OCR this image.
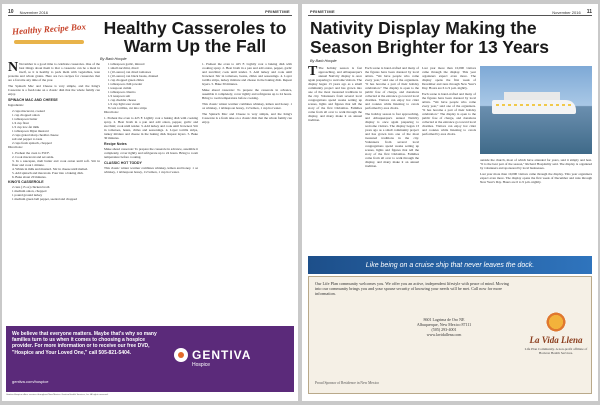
10 November 2016	PRIMETIME
Healthy Recipe Box Healthy Casseroles to Warm Up the Fall
By Barb Hoople

N November is a good time to celebrate casseroles. One of the best things about them is that a casserole can be a meal in itself, so it is healthy to pack them with vegetables, lean proteins and whole grains. Here are two recipes for casseroles that are a favorite any time of the year.

The Spinach Mac and Cheese is very simple, and the King's Casserole is a fresh take on a classic dish that the whole family can enjoy.

SPINACH MAC AND CHEESE

Ingredients:

2 cups macaroni, cooked
1 cup chopped onion
1 tablespoon butter
1/4 cup flour
1/2 cup low-fat milk
1 tablespoon Dijon mustard
2 cups grated sharp cheddar cheese
salt and pepper to taste
2 cups fresh spinach, chopped

Directions:

1. Preheat the oven to 350 F.
2. Cook macaroni and set aside.
3. In a saucepan, melt butter and cook onion until soft. Stir in flour and cook 1 minute.
4. Whisk in milk and mustard. Stir in cheese until melted.
5. Add spinach and macaroni. Pour into a baking dish.
6. Bake about 20 minutes.
KING'S CASSEROLE
2 cans (15 oz) chicken broth
1 medium onion, chopped
1 pound ground turkey
1 medium green bell pepper, seeded and chopped
1 tablespoon garlic, minced
1 small zucchini, diced
1 (10-ounce) can diced tomatoes
1 (10-ounce) can black beans, drained
1 cup chopped green chiles
1 tablespoon chili powder
1 teaspoon cumin
1 tablespoon cilantro
1/2 teaspoon salt
1 cup cheddar cheese
1/2 cup light sour cream
8 corn tortillas, cut into strips

Directions:

1. Preheat the oven to 425 F. Lightly coat a baking dish with cooking spray. 2. Heat broth in a pan and add onion, pepper, garlic and zucchini; cook until tender. 3. Add turkey and cook until browned. Stir in tomatoes, beans, chiles and seasonings. 4. Layer tortilla strips, turkey mixture and cheese in the baking dish. Repeat layers. 5. Bake 30 minutes.

Recipe Notes

Make ahead casserole: To prepare the casserole in advance, assemble it completely, cover tightly and refrigerate up to 24 hours. Bring to room temperature before cooking.

CLASSIC HOT TODDY

This classic winter warmer combines whiskey, lemon and honey. 1 oz whiskey, 1 tablespoon honey, 1/2 lemon, 1 cup hot water.

1. Preheat the oven to 425 F. Lightly coat a baking dish with cooking spray. 2. Heat broth in a pan and add onion, pepper, garlic and zucchini; cook until tender. 3. Add turkey and cook until browned. Stir in tomatoes, beans, chiles and seasonings. 4. Layer tortilla strips, turkey mixture and cheese in the baking dish. Repeat layers. 5. Bake 30 minutes.

Make ahead casserole: To prepare the casserole in advance, assemble it completely, cover tightly and refrigerate up to 24 hours. Bring to room temperature before cooking.

This classic winter warmer combines whiskey, lemon and honey. 1 oz whiskey, 1 tablespoon honey, 1/2 lemon, 1 cup hot water.

The Spinach Mac and Cheese is very simple, and the King's Casserole is a fresh take on a classic dish that the whole family can enjoy.

We believe that everyone matters. Maybe that's why so many families turn to us when it comes to choosing a hospice provider. For more information or to receive our free DVD, "Hospice and Your Loved One," call 505-821-5404.
gentiva.com/hospice
GENTIVA
Hospice
Gentiva Hospice offers services throughout New Mexico. Gentiva Health Services, Inc. All rights reserved.
PRIMETIME	November 2016 11
Nativity Display Making the Season Brighter for 13 Years
By Barb Hoople

T The holiday season is fast approaching, and Albuquerque's annual Nativity display is once again preparing to welcome visitors. The display began 13 years ago as a small community project and has grown into one of the most treasured traditions in the city. Volunteers from several local congregations spend weeks setting up scenes, lights and figures that tell the story of the first Christmas. Families come from all over to walk through the display, and many make it an annual tradition.

Each scene is hand-crafted and many of the figures have been donated by local artists. "We have people who come every year," said one of the organizers. "It has become a part of their holiday celebration." The display is open to the public free of charge, and donations collected at the entrance go toward local charities. Visitors can enjoy hot cider and cookies while listening to carols performed by area choirs.

The holiday season is fast approaching, and Albuquerque's annual Nativity display is once again preparing to welcome visitors. The display began 13 years ago as a small community project and has grown into one of the most treasured traditions in the city. Volunteers from several local congregations spend weeks setting up scenes, lights and figures that tell the story of the first Christmas. Families come from all over to walk through the display, and many make it an annual tradition.

Last year more than 10,000 visitors came through the display. This year organizers expect even more. The display opens the first week of December and runs through New Year's Day. Hours are 6 to 9 p.m. nightly.

Each scene is hand-crafted and many of the figures have been donated by local artists. "We have people who come every year," said one of the organizers. "It has become a part of their holiday celebration." The display is open to the public free of charge, and donations collected at the entrance go toward local charities. Visitors can enjoy hot cider and cookies while listening to carols performed by area choirs.

outside the church, most of which have attended for years, said it simply and best. "It is the best part of the season," Richard Hospitality said. The display is organized by volunteers and sponsored by local businesses.

Last year more than 10,000 visitors came through the display. This year organizers expect even more. The display opens the first week of December and runs through New Year's Day. Hours are 6 to 9 p.m. nightly.

Like being on a cruise ship that never leaves the dock.
Our Life Plan community welcomes you. We offer you an active, independent lifestyle with peace of mind. Moving into our community brings you and your spouse security of knowing your needs will be met. Call now for more information.
8601 Lagrima de Oro NE
Albuquerque, New Mexico 87111
(505) 293-4001
www.lavidallena.com
La Vida Llena
Life Plan Community. A non-profit affiliate of Horizon Health Services.
Proud Sponsor of Residence in New Mexico
